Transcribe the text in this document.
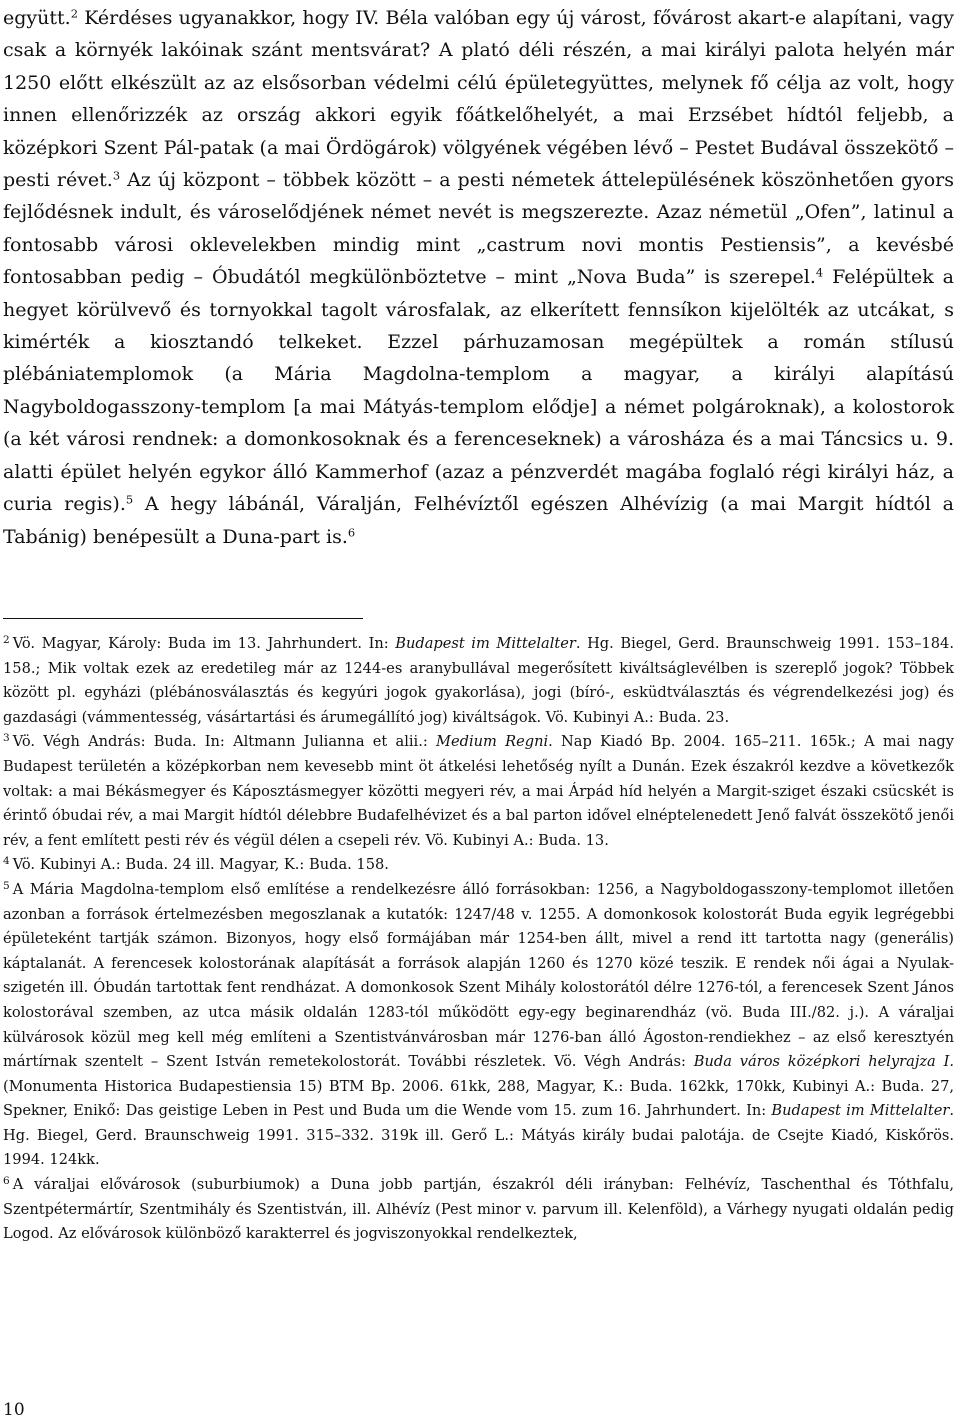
együtt.$^2$ Kérdéses ugyanakkor, hogy IV. Béla valóban egy új várost, fővárost akart-e alapítani, vagy csak a környék lakóinak szánt mentsvárat? A plató déli részén, a mai királyi palota helyén már 1250 előtt elkészült az az elsősorban védelmi célú épületegyüttes, melynek fő célja az volt, hogy innen ellenőrizzék az ország akkori egyik főátkelőhelyét, a mai Erzsébet hídtól feljebb, a középkori Szent Pál-patak (a mai Ördögárok) völgyének végében lévő – Pestet Budával összekötő – pesti révet.$^3$ Az új központ – többek között – a pesti németek áttelepülésének köszönhetően gyors fejlődésnek indult, és városelődjének német nevét is megszerezte. Azaz németül „Ofen”, latinul a fontosabb városi oklevelekben mindig mint „castrum novi montis Pestiensis”, a kevésbé fontosabban pedig – Óbudától megkülönböztetve – mint „Nova Buda” is szerepel.$^4$ Felépültek a hegyet körülvevő és tornyokkal tagolt városfalak, az elkerített fennsíkon kijelölték az utcákat, s kimérték a kiosztandó telkeket. Ezzel párhuzamosan megépültek a román stílusú plébániatemplomok (a Mária Magdolna-templom a magyar, a királyi alapítású Nagyboldogasszony-templom [a mai Mátyás-templom elődje] a német polgároknak), a kolostorok (a két városi rendnek: a domonkosoknak és a ferenceseknek) a városháza és a mai Táncsics u. 9. alatti épület helyén egykor álló Kammerhof (azaz a pénzverdét magába foglaló régi királyi ház, a curia regis).$^5$ A hegy lábánál, Váralján, Felhévíztől egészen Alhévízig (a mai Margit hídtól a Tabánig) benépesült a Duna-part is.$^6$

$^2$ Vö. Magyar, Károly: Buda im 13. Jahrhundert. In: Budapest im Mittelalter. Hg. Biegel, Gerd. Braunschweig 1991. 153–184. 158.; Mik voltak ezek az eredetileg már az 1244-es aranybullával megerősített kiváltságlevélben is szereplő jogok? Többek között pl. egyházi (plébánosválasztás és kegyúri jogok gyakorlása), jogi (bíró-, esküdtválasztás és végrendelkezési jog) és gazdasági (vámmentesség, vásártartási és árumegállító jog) kiváltságok. Vö. Kubinyi A.: Buda. 23.

$^3$ Vö. Végh András: Buda. In: Altmann Julianna et alii.: Medium Regni. Nap Kiadó Bp. 2004. 165–211. 165k.; A mai nagy Budapest területén a középkorban nem kevesebb mint öt átkelési lehetőség nyílt a Dunán. Ezek északról kezdve a következők voltak: a mai Békásmegyer és Káposztásmegyer közötti megyeri rév, a mai Árpád híd helyén a Margit-sziget északi csücskét is érintő óbudai rév, a mai Margit hídtól délebbre Budafelhévizet és a bal parton idővel elnéptelenedett Jenő falvát összekötő jenői rév, a fent említett pesti rév és végül délen a csepeli rév. Vö. Kubinyi A.: Buda. 13.

$^4$ Vö. Kubinyi A.: Buda. 24 ill. Magyar, K.: Buda. 158.

$^5$ A Mária Magdolna-templom első említése a rendelkezésre álló forrásokban: 1256, a Nagyboldogasszony-templomot illetően azonban a források értelmezésben megoszlanak a kutatók: 1247/48 v. 1255. A domonkosok kolostorát Buda egyik legrégebbi épületeként tartják számon. Bizonyos, hogy első formájában már 1254-ben állt, mivel a rend itt tartotta nagy (generális) káptalanát. A ferencesek kolostorának alapítását a források alapján 1260 és 1270 közé teszik. E rendek női ágai a Nyulak-szigetén ill. Óbudán tartottak fent rendházat. A domonkosok Szent Mihály kolostorától délre 1276-tól, a ferencesek Szent János kolostorával szemben, az utca másik oldalán 1283-tól működött egy-egy beginarendház (vö. Buda III./82. j.). A váraljai külvárosok közül meg kell még említeni a Szentistvánvárosban már 1276-ban álló Ágoston-rendiekhez – az első keresztyén mártírnak szentelt – Szent István remetekolostorát. További részletek. Vö. Végh András: Buda város középkori helyrajza I. (Monumenta Historica Budapestiensia 15) BTM Bp. 2006. 61kk, 288, Magyar, K.: Buda. 162kk, 170kk, Kubinyi A.: Buda. 27, Spekner, Enikő: Das geistige Leben in Pest und Buda um die Wende vom 15. zum 16. Jahrhundert. In: Budapest im Mittelalter. Hg. Biegel, Gerd. Braunschweig 1991. 315–332. 319k ill. Gerő L.: Mátyás király budai palotája. de Csejte Kiadó, Kiskőrös. 1994. 124kk.

$^6$ A váraljai elővárosok (suburbiumok) a Duna jobb partján, északról déli irányban: Felhévíz, Taschenthal és Tóthfalu, Szentpétermártír, Szentmihály és Szentistván, ill. Alhévíz (Pest minor v. parvum ill. Kelenföld), a Várhegy nyugati oldalán pedig Logod. Az elővárosok különböző karakterrel és jogviszonyokkal rendelkeztek,

10
